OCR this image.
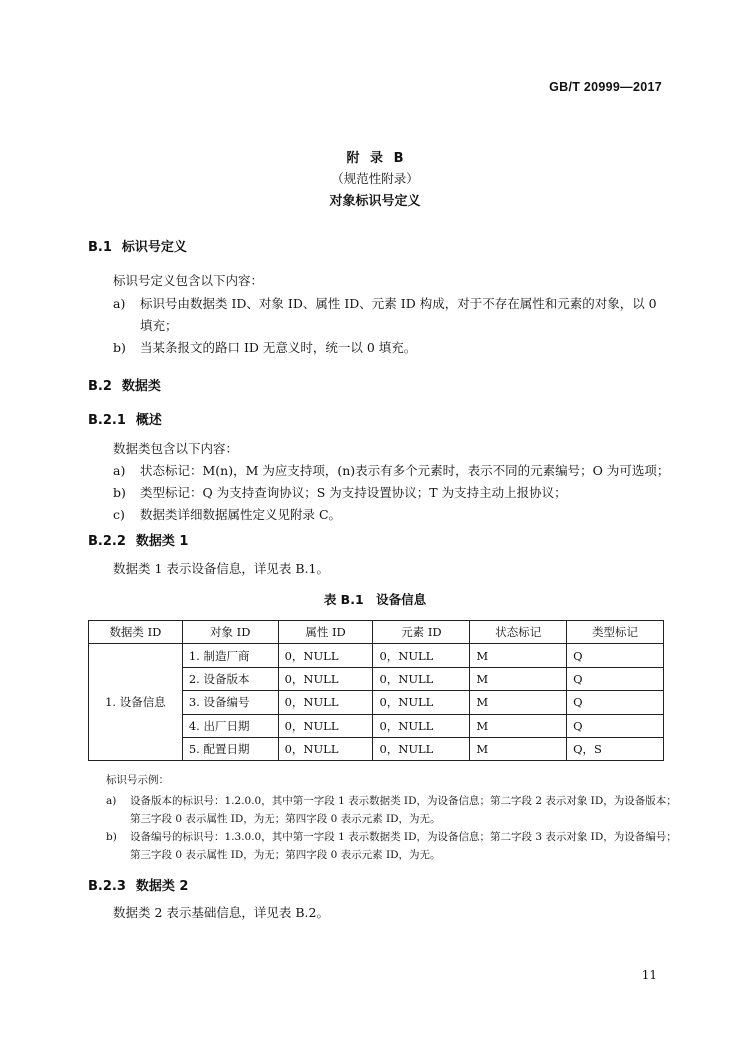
GB/T 20999—2017
附 录 B
（规范性附录）
对象标识号定义
B.1 标识号定义
标识号定义包含以下内容：
a) 标识号由数据类 ID、对象 ID、属性 ID、元素 ID 构成，对于不存在属性和元素的对象，以 0
填充；
b) 当某条报文的路口 ID 无意义时，统一以 0 填充。
B.2 数据类
B.2.1 概述
数据类包含以下内容：
a) 状态标记：M(n)，M 为应支持项，(n)表示有多个元素时，表示不同的元素编号；O 为可选项；
b) 类型标记：Q 为支持查询协议；S 为支持设置协议；T 为支持主动上报协议；
c) 数据类详细数据属性定义见附录 C。
B.2.2 数据类 1
数据类 1 表示设备信息，详见表 B.1。
表 B.1　设备信息
数据类 ID	对象 ID	属性 ID	元素 ID	状态标记	类型标记
1. 设备信息	1. 制造厂商	0，NULL	0，NULL	M	Q
	2. 设备版本	0，NULL	0，NULL	M	Q
	3. 设备编号	0，NULL	0，NULL	M	Q
	4. 出厂日期	0，NULL	0，NULL	M	Q
	5. 配置日期	0，NULL	0，NULL	M	Q，S
标识号示例：
a) 设备版本的标识号：1.2.0.0，其中第一字段 1 表示数据类 ID，为设备信息；第二字段 2 表示对象 ID，为设备版本；
第三字段 0 表示属性 ID，为无；第四字段 0 表示元素 ID，为无。
b) 设备编号的标识号：1.3.0.0，其中第一字段 1 表示数据类 ID，为设备信息；第二字段 3 表示对象 ID，为设备编号；
第三字段 0 表示属性 ID，为无；第四字段 0 表示元素 ID，为无。
B.2.3 数据类 2
数据类 2 表示基础信息，详见表 B.2。
11
